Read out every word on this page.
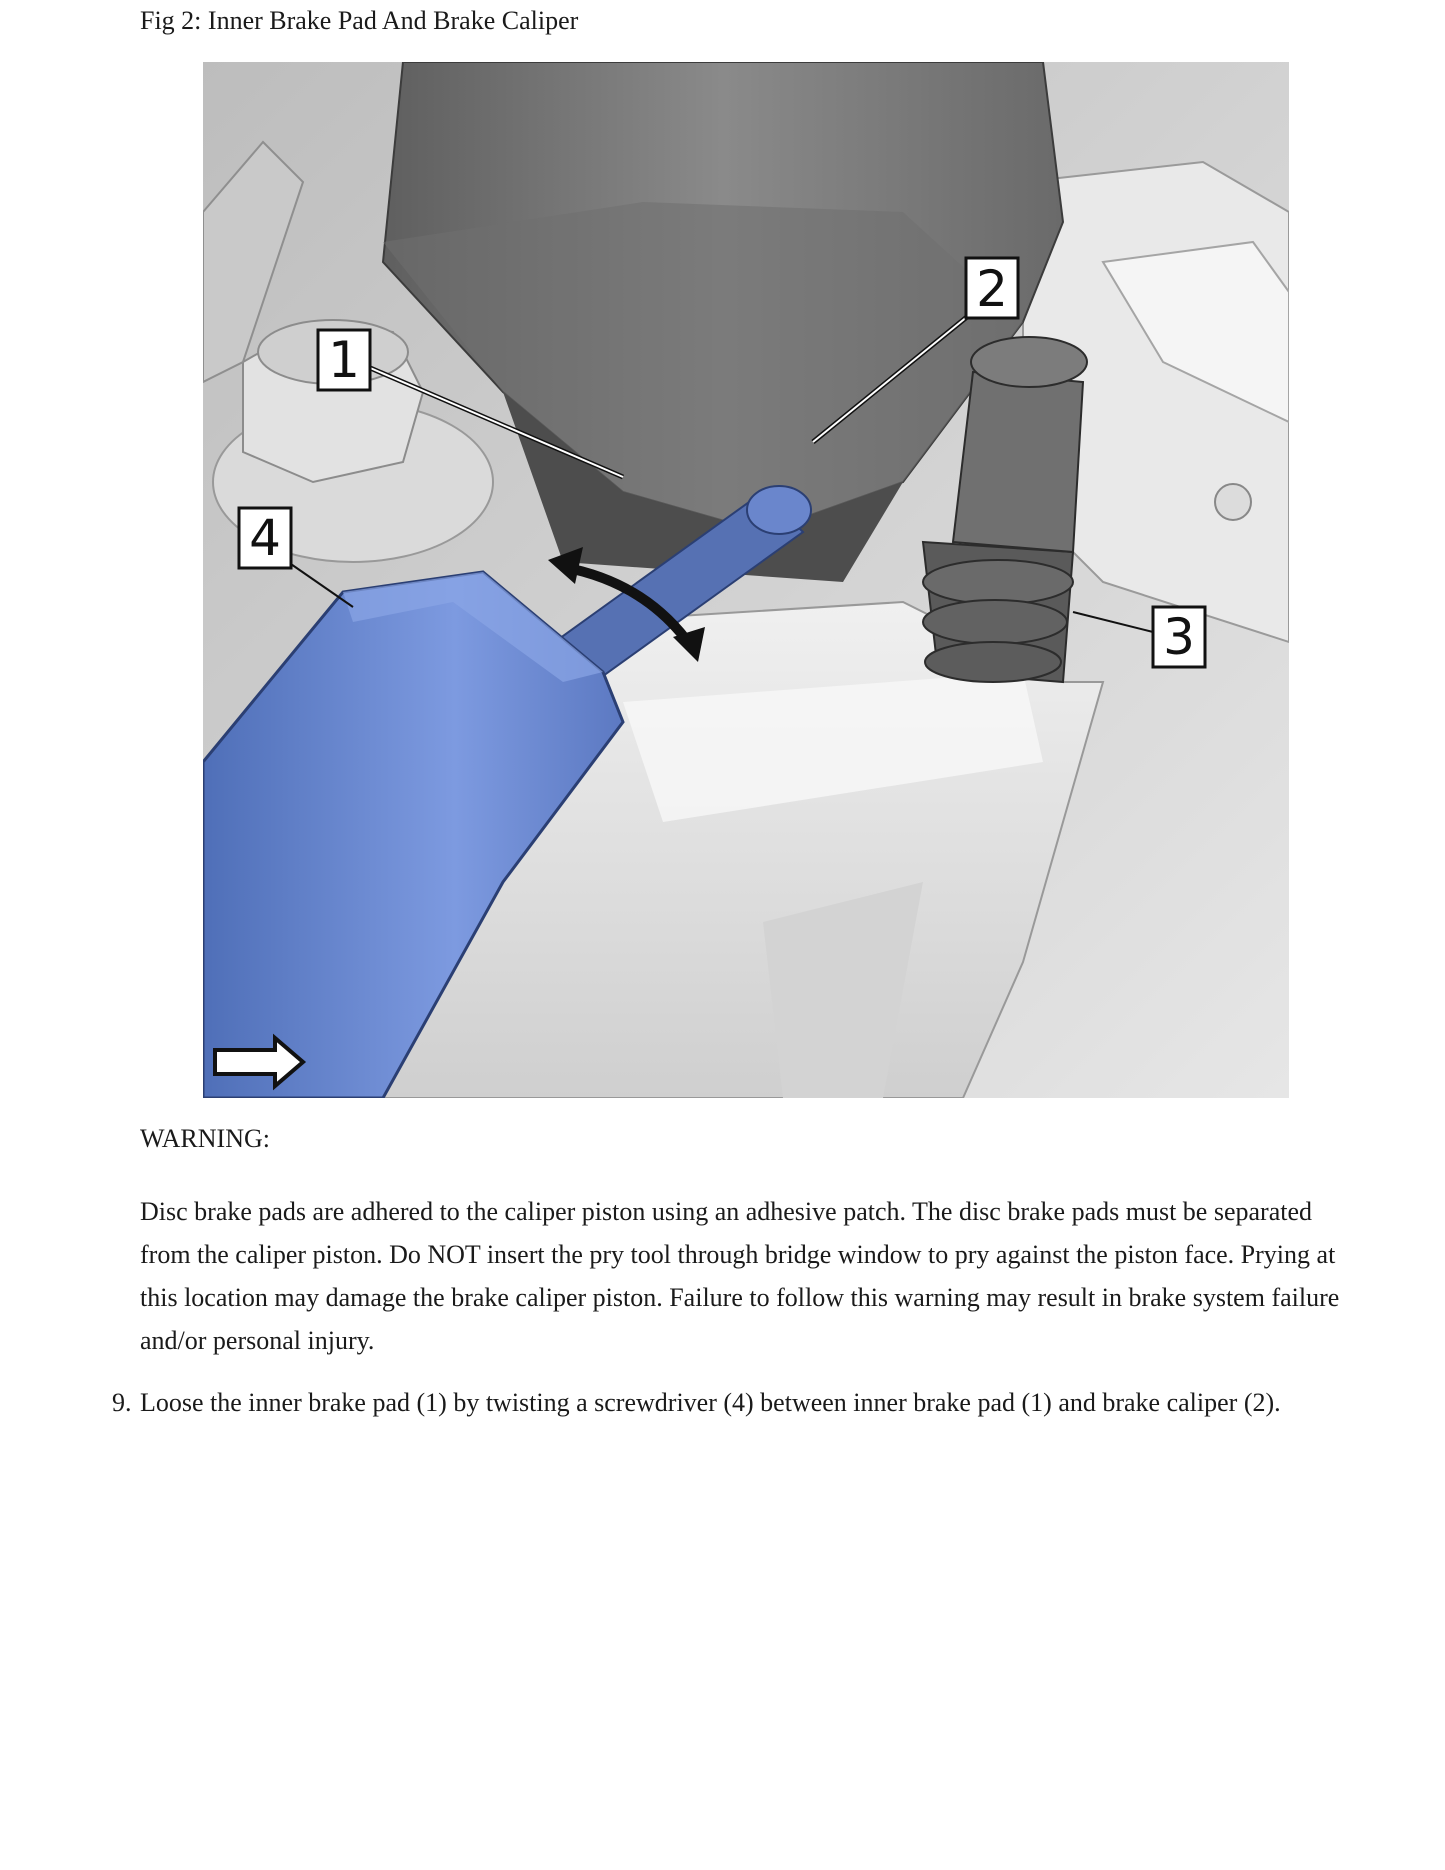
Fig 2: Inner Brake Pad And Brake Caliper
1
2
3
4
WARNING:
Disc brake pads are adhered to the caliper piston using an adhesive patch. The disc brake pads must be separated from the caliper piston. Do NOT insert the pry tool through bridge window to pry against the piston face. Prying at this location may damage the brake caliper piston. Failure to follow this warning may result in brake system failure and/or personal injury.
9. Loose the inner brake pad (1) by twisting a screwdriver (4) between inner brake pad (1) and brake caliper (2).
